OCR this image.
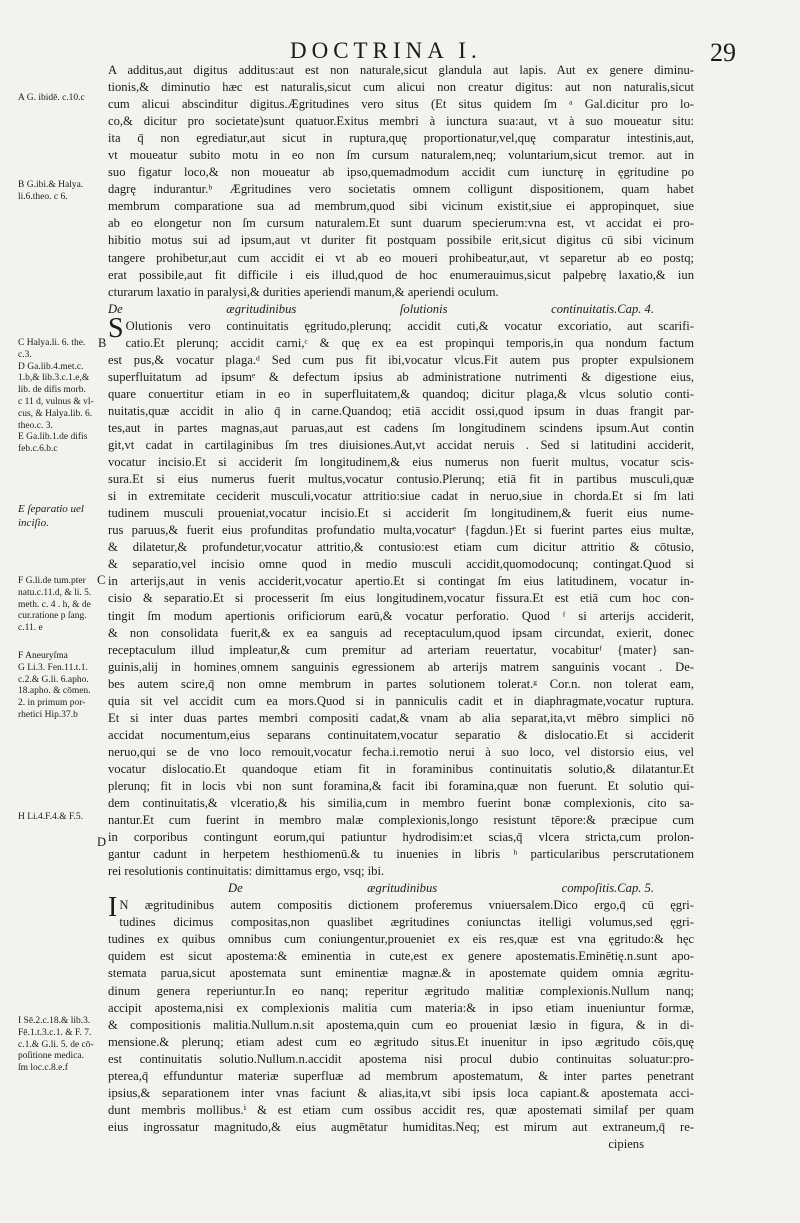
DOCTRINA I.	29

A additus,aut digitus additus:aut est non naturale,sicut glandula aut lapis. Aut ex genere diminu-
tionis,& diminutio hæc est naturalis,sicut cum alicui non creatur digitus: aut non naturalis,sicut
cum alicui abscinditur digitus.Ægritudines vero situs (Et situs quidem ſm ᵃ Gal.dicitur pro lo-
co,& dicitur pro societate)sunt quatuor.Exitus membri à iunctura sua:aut, vt à suo moueatur situ:
ita q̄ non egrediatur,aut sicut in ruptura,quę proportionatur,vel,quę comparatur intestinis,aut,
vt moueatur subito motu in eo non ſm cursum naturalem,neq; voluntarium,sicut tremor. aut in
suo figatur loco,& non moueatur ab ipso,quemadmodum accidit cum iuncturę in ęgritudine po
dagrę indurantur.ᵇ Ægritudines vero societatis omnem colligunt dispositionem, quam habet
membrum comparatione sua ad membrum,quod sibi vicinum existit,siue ei appropinquet, siue
ab eo elongetur non ſm cursum naturalem.Et sunt duarum specierum:vna est, vt accidat ei pro-
hibitio motus sui ad ipsum,aut vt duriter fit postquam possibile erit,sicut digitus cū sibi vicinum
tangere prohibetur,aut cum accidit ei vt ab eo moueri prohibeatur,aut, vt separetur ab eo postq;
erat possibile,aut fit difficile i eis illud,quod de hoc enumerauimus,sicut palpebrę laxatio,& iun
cturarum laxatio in paralysi,& durities aperiendi manum,& aperiendi oculum.

De ægritudinibus ſolutionis continuitatis. Cap. 4.

S Olutionis vero continuitatis ęgritudo,plerunq; accidit cuti,& vocatur excoriatio, aut scarifi-
catio.Et plerunq; accidit carni,ᶜ & quę ex ea est propinqui temporis,in qua nondum factum
est pus,& vocatur plaga.ᵈ Sed cum pus fit ibi,vocatur vlcus.Fit autem pus propter expulsionem
superfluitatum ad ipsumᵉ & defectum ipsius ab administratione nutrimenti & digestione eius,
quare conuertitur etiam in eo in superfluitatem,& quandoq; dicitur plaga,& vlcus solutio conti-
nuitatis,quæ accidit in alio q̄ in carne.Quandoq; etiā accidit ossi,quod ipsum in duas frangit par-
tes,aut in partes magnas,aut paruas,aut est cadens ſm longitudinem scindens ipsum.Aut contin
git,vt cadat in cartilaginibus ſm tres diuisiones.Aut,vt accidat neruis . Sed si latitudini acciderit,
vocatur incisio.Et si acciderit ſm longitudinem,& eius numerus non fuerit multus, vocatur scis-
sura.Et si eius numerus fuerit multus,vocatur contusio.Plerunq; etiā fit in partibus musculi,quæ
si in extremitate ceciderit musculi,vocatur attritio:siue cadat in neruo,siue in chorda.Et si ſm lati
tudinem musculi proueniat,vocatur incisio.Et si acciderit ſm longitudinem,& fuerit eius nume-
rus paruus,& fuerit eius profunditas profundatio multa,vocaturᵉ {fagdun.}Et si fuerint partes eius multæ,
& dilatetur,& profundetur,vocatur attritio,& contusio:est etiam cum dicitur attritio & cōtusio,
& separatio,vel incisio omne quod in medio musculi accidit,quomodocunq; contingat.Quod si
in arterijs,aut in venis acciderit,vocatur apertio.Et si contingat ſm eius latitudinem, vocatur in-
cisio & separatio.Et si processerit ſm eius longitudinem,vocatur fissura.Et est etiā cum hoc con-
tingit ſm modum apertionis orificiorum earū,& vocatur perforatio. Quod ᶠ si arterijs acciderit,
& non consolidata fuerit,& ex ea sanguis ad receptaculum,quod ipsam circundat, exierit, donec
receptaculum illud impleatur,& cum premitur ad arteriam reuertatur, vocabiturᶠ {mater} san-
guinis,alij in hominesˌomnem sanguinis egressionem ab arterijs matrem sanguinis vocant . De-
bes autem scire,q̄ non omne membrum in partes solutionem tolerat.ᵍ Cor.n. non tolerat eam,
quia sit vel accidit cum ea mors.Quod si in panniculis cadit et in diaphragmate,vocatur ruptura.
Et si inter duas partes membri compositi cadat,& vnam ab alia separat,ita,vt mēbro simplici nō
accidat nocumentum,eius separans continuitatem,vocatur separatio & dislocatio.Et si acciderit
neruo,qui se de vno loco remouit,vocatur fecha.i.remotio nerui à suo loco, vel distorsio eius, vel
vocatur dislocatio.Et quandoque etiam fit in foraminibus continuitatis solutio,& dilatantur.Et
plerunq; fit in locis vbi non sunt foramina,& facit ibi foramina,quæ non fuerunt. Et solutio qui-
dem continuitatis,& vlceratio,& his similia,cum in membro fuerint bonæ complexionis, cito sa-
nantur.Et cum fuerint in membro malæ complexionis,longo resistunt tēpore:& præcipue cum
in corporibus contingunt eorum,qui patiuntur hydrodisim:et scias,q̄ vlcera stricta,cum prolon-
gantur cadunt in herpetem hesthiomenū.& tu inuenies in libris ʰ particularibus perscrutationem
rei resolutionis continuitatis: dimittamus ergo, vsq; ibi.

De ægritudinibus compoſitis. Cap. 5.

I N ægritudinibus autem compositis dictionem proferemus vniuersalem.Dico ergo,q̄ cū ęgri-
tudines dicimus compositas,non quaslibet ægritudines coniunctas itelligi volumus,sed ęgri-
tudines ex quibus omnibus cum coniungentur,proueniet ex eis res,quæ est vna ęgritudo:& hęc
quidem est sicut apostema:& eminentia in cute,est ex genere apostematis.Eminētię.n.sunt apo-
stemata parua,sicut apostemata sunt eminentiæ magnæ.& in apostemate quidem omnia ægritu-
dinum genera reperiuntur.In eo nanq; reperitur ægritudo malitiæ complexionis.Nullum nanq;
accipit apostema,nisi ex complexionis malitia cum materia:& in ipso etiam inueniuntur formæ,
& compositionis malitia.Nullum.n.sit apostema,quin cum eo proueniat læsio in figura, & in di-
mensione.& plerunq; etiam adest cum eo ægritudo situs.Et inuenitur in ipso ægritudo cōis,quę
est continuitatis solutio.Nullum.n.accidit apostema nisi procul dubio continuitas soluatur:pro-
pterea,q̄ effunduntur materiæ superfluæ ad membrum apostematum, & inter partes penetrant
ipsius,& separationem inter vnas faciunt & alias,ita,vt sibi ipsis loca capiant.& apostemata acci-
dunt membris mollibus.ⁱ & est etiam cum ossibus accidit res, quæ apostemati similaf per quam
eius ingrossatur magnitudo,& eius augmētatur humiditas.Neq; est mirum aut extraneum,q̄ re-
cipiens

B
C
D
A G. ibidē. c.10.c
B G.ibi.& Halya.
li.6.theo. c 6.
C Halya.li. 6. the.
c.3.
D Ga.lib.4.met.c.
1.b,& lib.3.c.1.e,&
lib. de difis morb.
c 11 d, vulnus & vl-
cus, & Halya.lib. 6.
theo.c. 3.
E Ga.lib.1.de difis
feb.c.6.b.c
E ſeparatio uel
inciſio.
F G.li.de tum.pter
natu.c.11.d, & li. 5.
meth. c. 4 . h, & de
cur.ratione p ſang.
c.11. e
F Aneuryſma
G Li.3. Fen.11.t.1.
c.2.& G.li. 6.apho.
18.apho. & cōmen.
2. in primum por-
rhetici Hip.37.b
H Li.4.F.4.& F.5.
I Sē.2.c.18.& lib.3.
Fē.1.t.3.c.1. & F. 7.
c.1.& G.li. 5. de cō-
poſitione medica.
ſm loc.c.8.e.f
